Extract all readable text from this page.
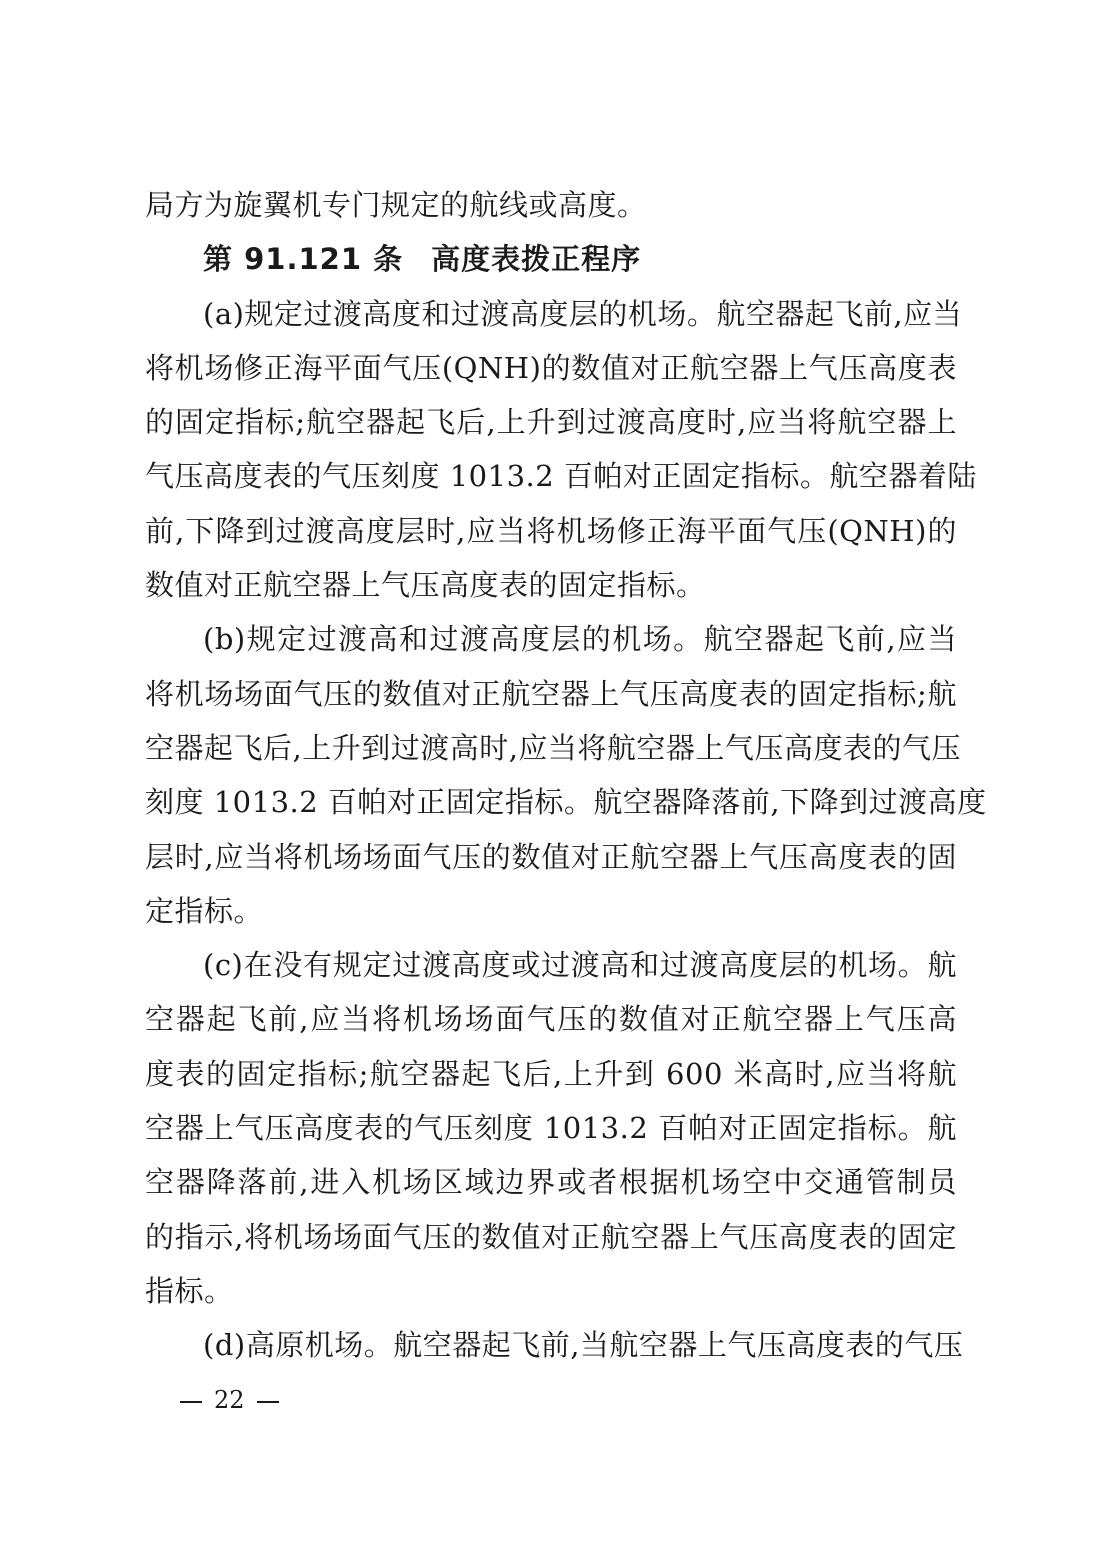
局方为旋翼机专门规定的航线或高度。
第 91.121 条 高度表拨正程序
(a)规定过渡高度和过渡高度层的机场。航空器起飞前,应当
将机场修正海平面气压(QNH)的数值对正航空器上气压高度表
的固定指标;航空器起飞后,上升到过渡高度时,应当将航空器上
气压高度表的气压刻度 1013.2 百帕对正固定指标。航空器着陆
前,下降到过渡高度层时,应当将机场修正海平面气压(QNH)的
数值对正航空器上气压高度表的固定指标。
(b)规定过渡高和过渡高度层的机场。航空器起飞前,应当
将机场场面气压的数值对正航空器上气压高度表的固定指标;航
空器起飞后,上升到过渡高时,应当将航空器上气压高度表的气压
刻度 1013.2 百帕对正固定指标。航空器降落前,下降到过渡高度
层时,应当将机场场面气压的数值对正航空器上气压高度表的固
定指标。
(c)在没有规定过渡高度或过渡高和过渡高度层的机场。航
空器起飞前,应当将机场场面气压的数值对正航空器上气压高
度表的固定指标;航空器起飞后,上升到 600 米高时,应当将航
空器上气压高度表的气压刻度 1013.2 百帕对正固定指标。航
空器降落前,进入机场区域边界或者根据机场空中交通管制员
的指示,将机场场面气压的数值对正航空器上气压高度表的固定
指标。
(d)高原机场。航空器起飞前,当航空器上气压高度表的气压
22
